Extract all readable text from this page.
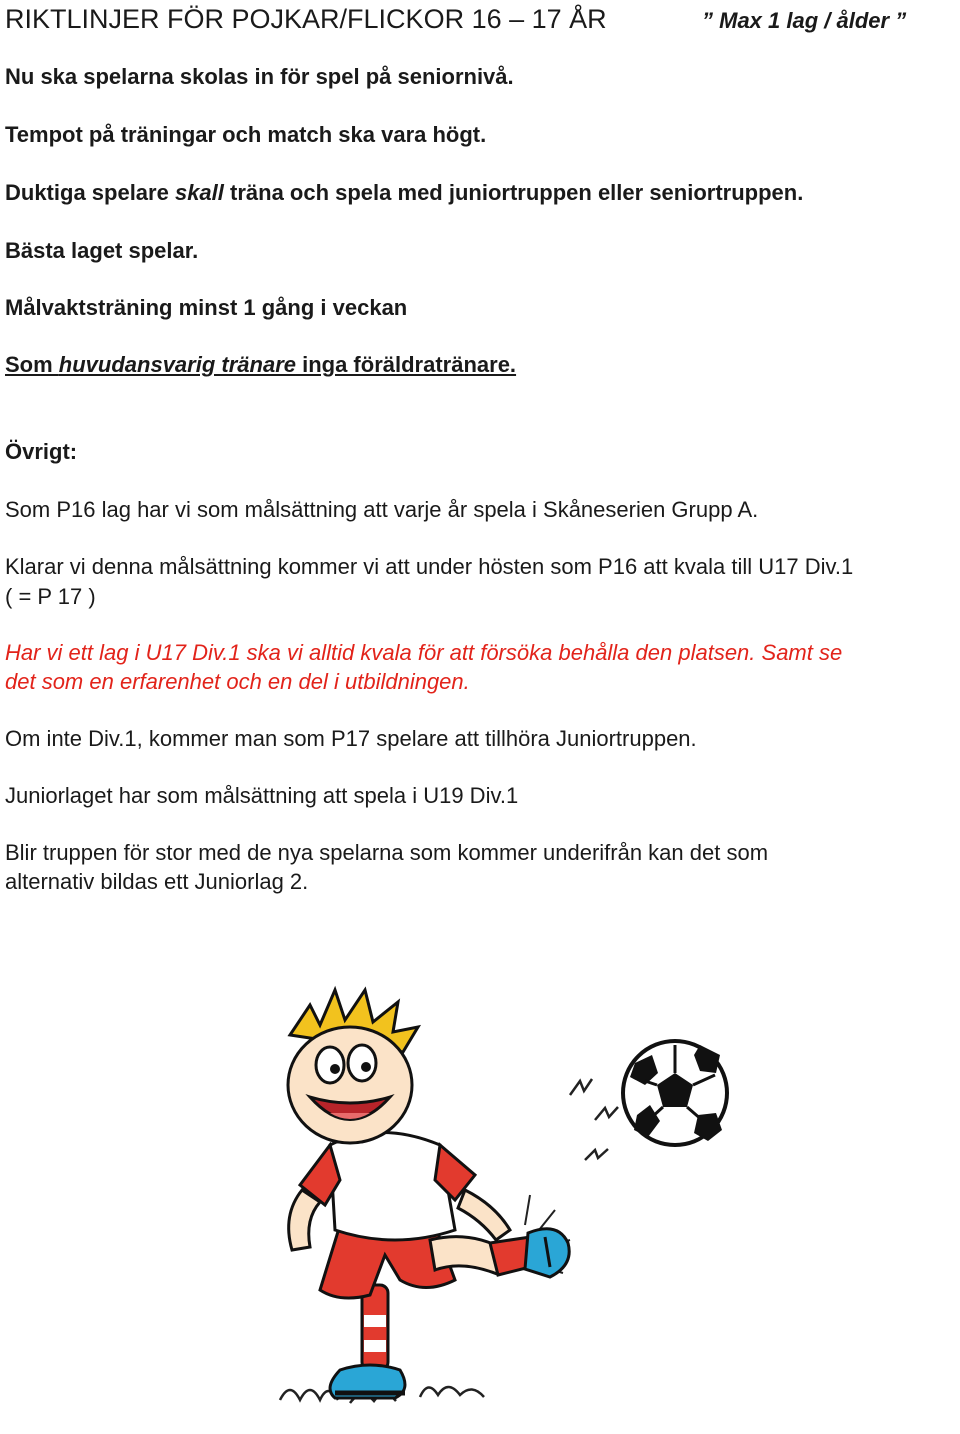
RIKTLINJER FÖR POJKAR/FLICKOR 16 – 17 ÅR	” Max 1 lag / ålder ”

Nu ska spelarna skolas in för spel på seniornivå.

Tempot på träningar och match ska vara högt.

Duktiga spelare skall träna och spela med juniortruppen eller seniortruppen.

Bästa laget spelar.

Målvaktsträning minst 1 gång i veckan

Som huvudansvarig tränare inga föräldratränare.

Övrigt:

Som P16 lag har vi som målsättning att varje år spela i Skåneserien Grupp A.

Klarar vi denna målsättning kommer vi att under hösten som P16 att kvala till U17 Div.1

( = P 17 )

Har vi ett lag i U17 Div.1 ska vi alltid kvala för att försöka behålla den platsen. Samt se

det som en erfarenhet och en del i utbildningen.

Om inte Div.1, kommer man som P17 spelare att tillhöra Juniortruppen.

Juniorlaget har som målsättning att spela i U19 Div.1

Blir truppen för stor med de nya spelarna som kommer underifrån kan det som

alternativ bildas ett Juniorlag 2.
